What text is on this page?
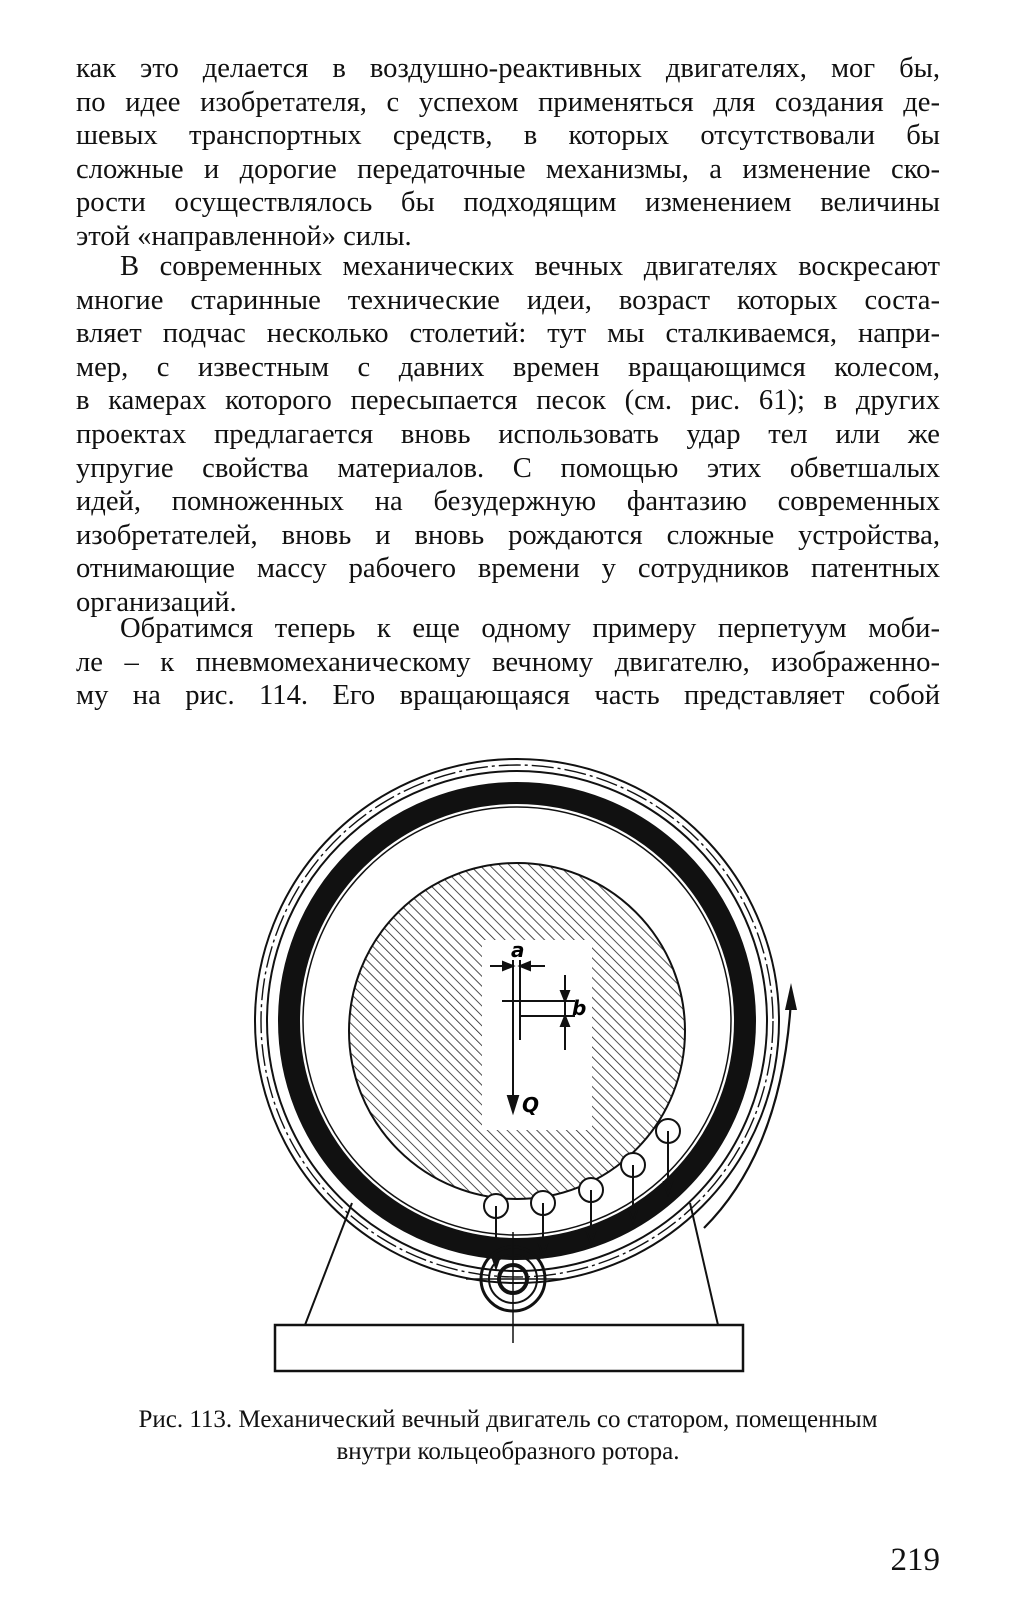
как это делается в воздушно-реактивных двигателях, мог бы,

по идее изобретателя, с успехом применяться для создания де-

шевых транспортных средств, в которых отсутствовали бы

сложные и дорогие передаточные механизмы, а изменение ско-

рости осуществлялось бы подходящим изменением величины

этой «направленной» силы.

В современных механических вечных двигателях воскресают

многие старинные технические идеи, возраст которых соста-

вляет подчас несколько столетий: тут мы сталкиваемся, напри-

мер, с известным с давних времен вращающимся колесом,

в камерах которого пересыпается песок (см. рис. 61); в других

проектах предлагается вновь использовать удар тел или же

упругие свойства материалов. С помощью этих обветшалых

идей, помноженных на безудержную фантазию современных

изобретателей, вновь и вновь рождаются сложные устройства,

отнимающие массу рабочего времени у сотрудников патентных

организаций.

Обратимся теперь к еще одному примеру перпетуум моби-

ле – к пневмомеханическому вечному двигателю, изображенно-

му на рис. 114. Его вращающаяся часть представляет собой

a
b
Q
Рис. 113. Механический вечный двигатель со статором, помещенным
внутри кольцеобразного ротора.
219
